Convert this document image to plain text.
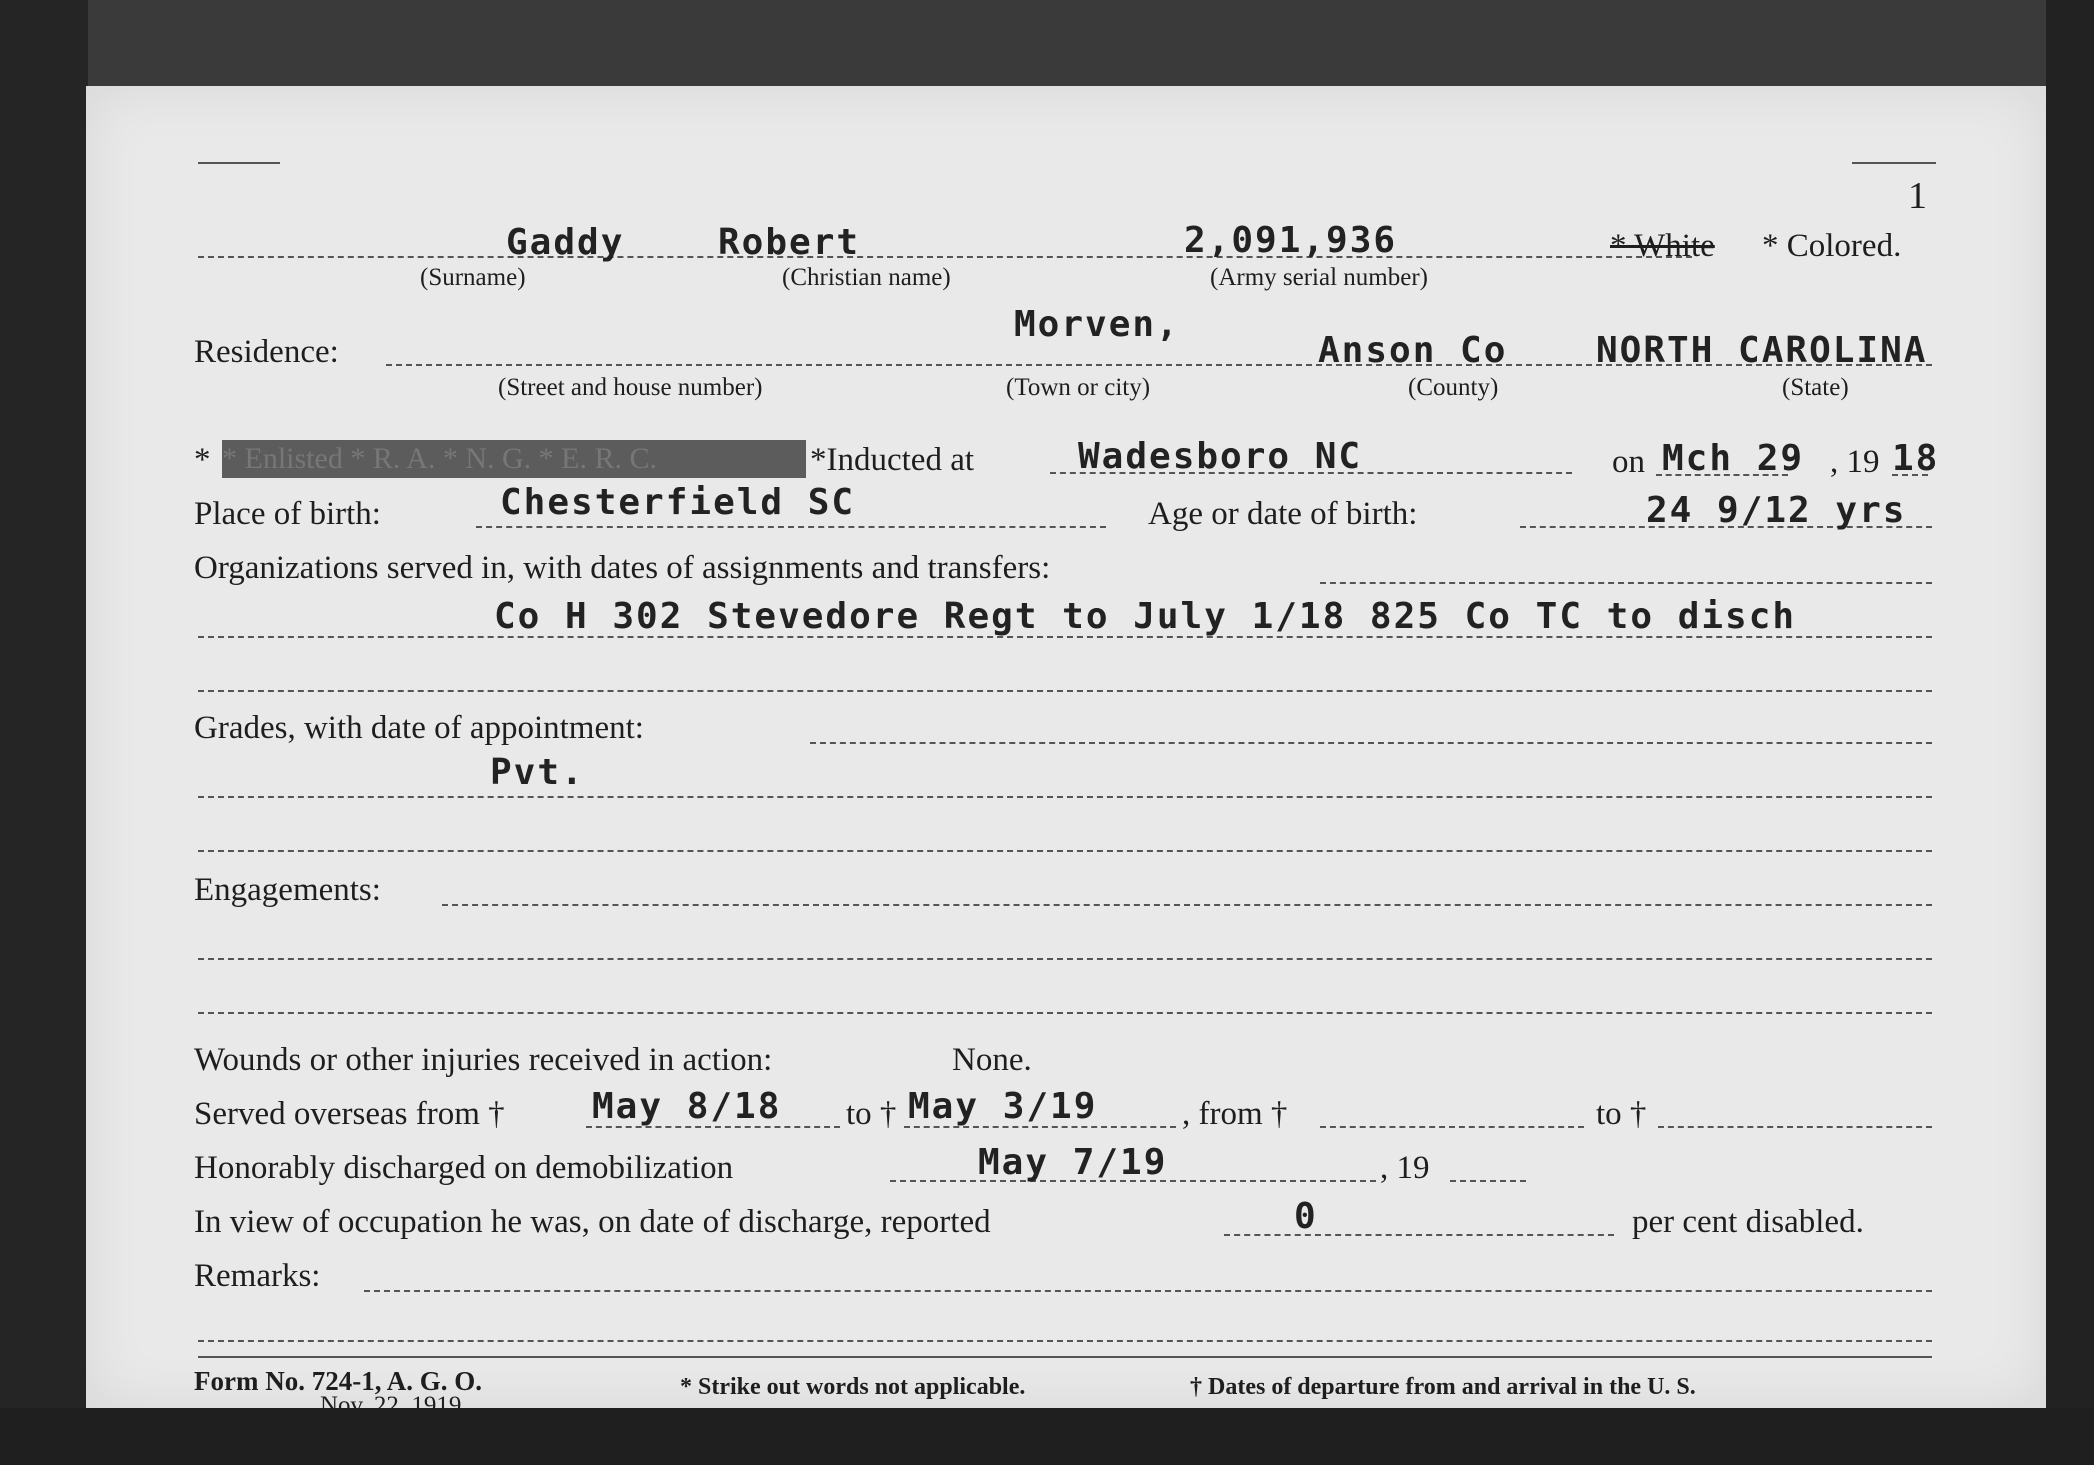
1
Gaddy	Robert	2,091,936	* White * Colored.
(Surname)	(Christian name)	(Army serial number)
Residence:
Morven,
Anson Co NORTH CAROLINA
(Street and house number)	(Town or city)	(County)	(State)
* * Enlisted * R. A. * N. G. * E. R. C.	*Inducted at	Wadesboro NC	on Mch 29 , 19 18
Place of birth:	Chesterfield SC	Age or date of birth:	24 9/12 yrs
Organizations served in, with dates of assignments and transfers:
Co H 302 Stevedore Regt to July 1/18 825 Co TC to disch
Grades, with date of appointment:
Pvt.
Engagements:
Wounds or other injuries received in action:	None.
Served overseas from † May 8/18 to † May 3/19	, from †	to †
Honorably discharged on demobilization	May 7/19	, 19
In view of occupation he was, on date of discharge, reported	0	per cent disabled.
Remarks:
Form No. 724-1, A. G. O.
Nov. 22, 1919.
* Strike out words not applicable.	† Dates of departure from and arrival in the U. S.
